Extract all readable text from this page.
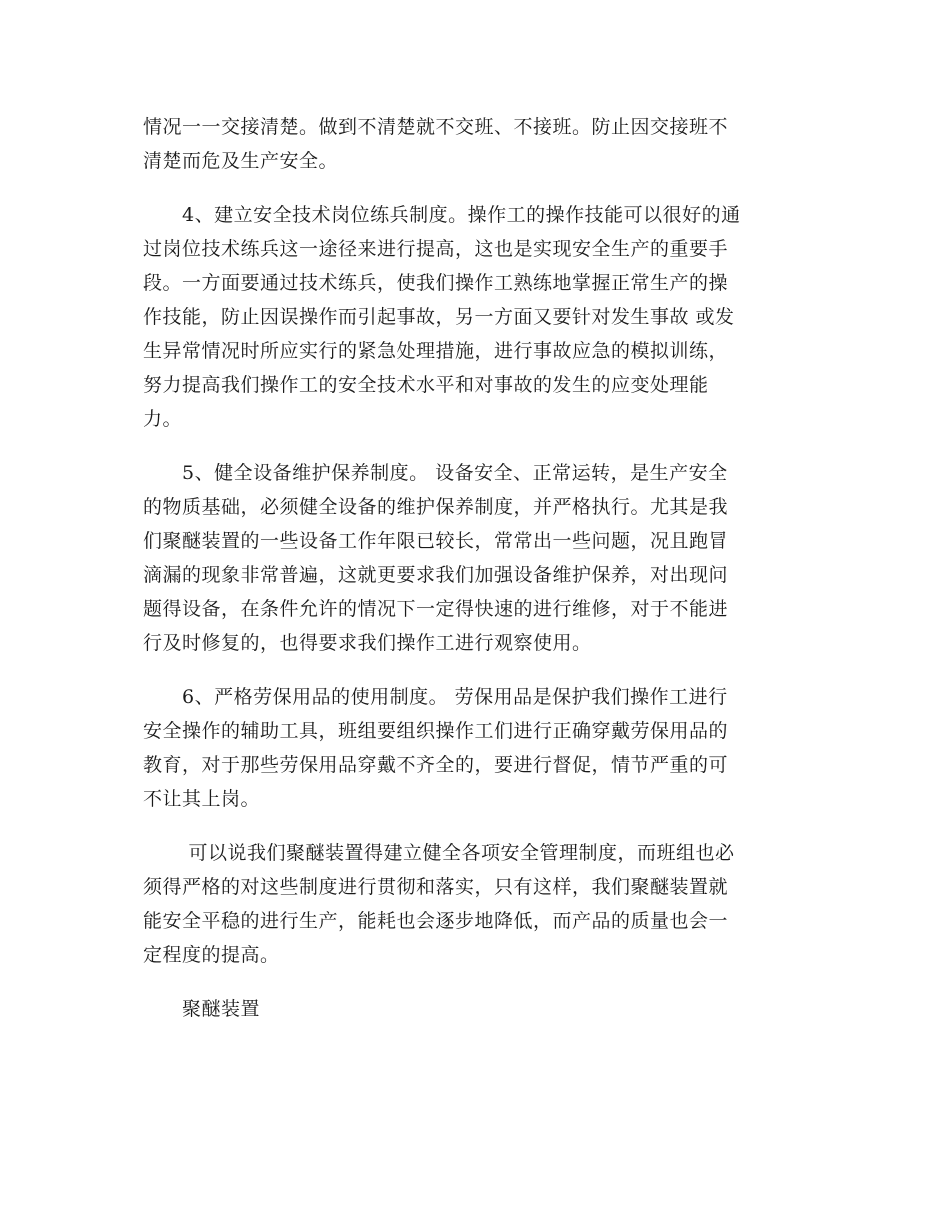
情况一一交接清楚。做到不清楚就不交班、不接班。防止因交接班不
清楚而危及生产安全。

　　4、建立安全技术岗位练兵制度。操作工的操作技能可以很好的通
过岗位技术练兵这一途径来进行提高，这也是实现安全生产的重要手
段。一方面要通过技术练兵，使我们操作工熟练地掌握正常生产的操
作技能，防止因误操作而引起事故，另一方面又要针对发生事故 或发
生异常情况时所应实行的紧急处理措施，进行事故应急的模拟训练，
努力提高我们操作工的安全技术水平和对事故的发生的应变处理能
力。

　　5、健全设备维护保养制度。 设备安全、正常运转，是生产安全
的物质基础，必须健全设备的维护保养制度，并严格执行。尤其是我
们聚醚装置的一些设备工作年限已较长，常常出一些问题，况且跑冒
滴漏的现象非常普遍，这就更要求我们加强设备维护保养，对出现问
题得设备，在条件允许的情况下一定得快速的进行维修，对于不能进
行及时修复的，也得要求我们操作工进行观察使用。

　　6、严格劳保用品的使用制度。 劳保用品是保护我们操作工进行
安全操作的辅助工具，班组要组织操作工们进行正确穿戴劳保用品的
教育，对于那些劳保用品穿戴不齐全的，要进行督促，情节严重的可
不让其上岗。

　　 可以说我们聚醚装置得建立健全各项安全管理制度，而班组也必
须得严格的对这些制度进行贯彻和落实，只有这样，我们聚醚装置就
能安全平稳的进行生产，能耗也会逐步地降低，而产品的质量也会一
定程度的提高。

　　聚醚装置
